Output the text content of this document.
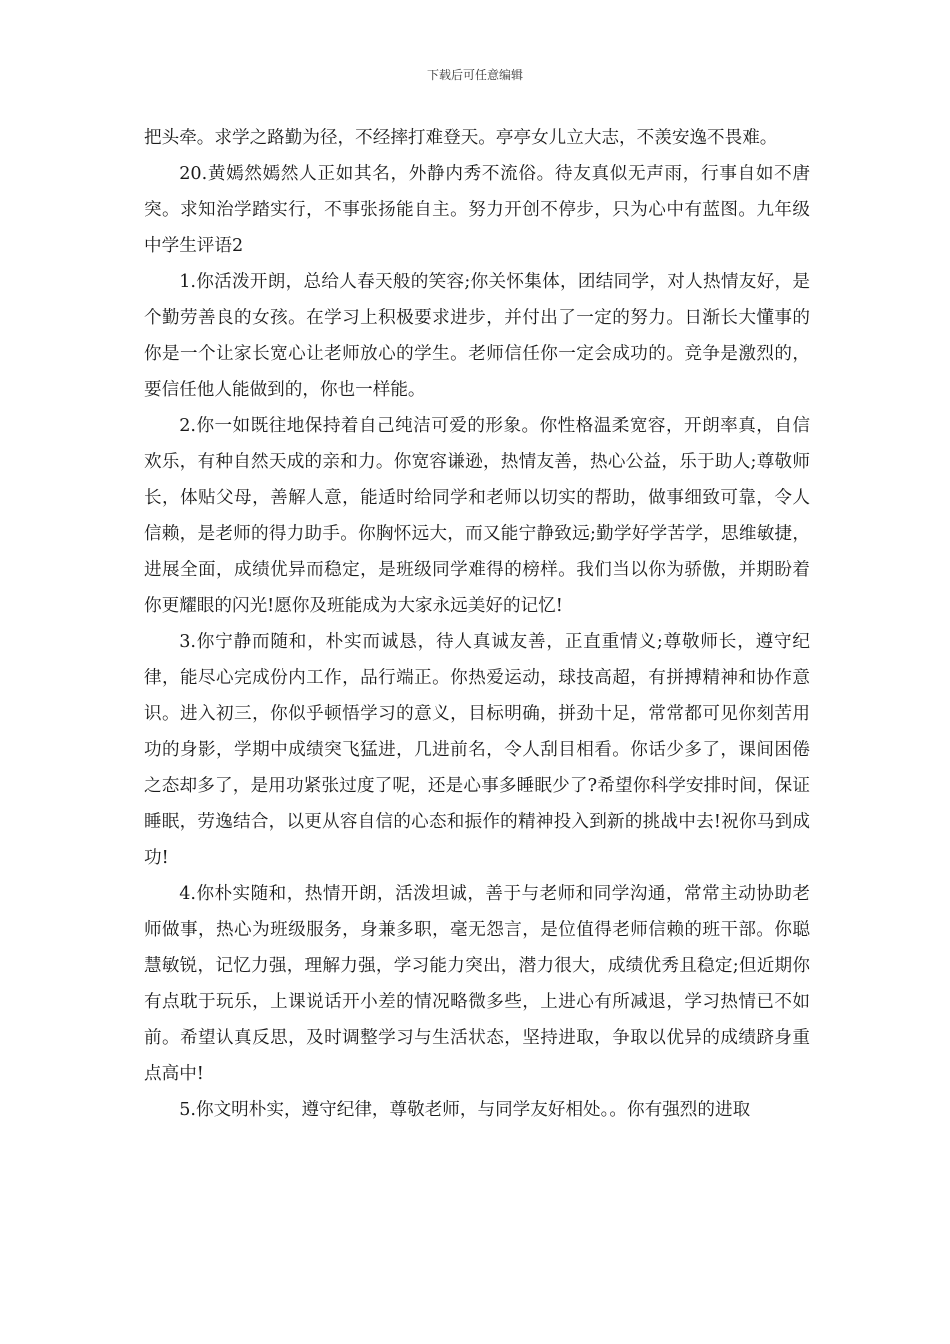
下载后可任意编辑

把头牵。求学之路勤为径，不经摔打难登天。亭亭女儿立大志，不羡安逸不畏难。

20.黄嫣然嫣然人正如其名，外静内秀不流俗。待友真似无声雨，行事自如不唐突。求知治学踏实行，不事张扬能自主。努力开创不停步，只为心中有蓝图。九年级中学生评语2

1.你活泼开朗，总给人春天般的笑容;你关怀集体，团结同学，对人热情友好，是个勤劳善良的女孩。在学习上积极要求进步，并付出了一定的努力。日渐长大懂事的你是一个让家长宽心让老师放心的学生。老师信任你一定会成功的。竞争是激烈的，要信任他人能做到的，你也一样能。

2.你一如既往地保持着自己纯洁可爱的形象。你性格温柔宽容，开朗率真，自信欢乐，有种自然天成的亲和力。你宽容谦逊，热情友善，热心公益，乐于助人;尊敬师长，体贴父母，善解人意，能适时给同学和老师以切实的帮助，做事细致可靠，令人信赖，是老师的得力助手。你胸怀远大，而又能宁静致远;勤学好学苦学，思维敏捷，进展全面，成绩优异而稳定，是班级同学难得的榜样。我们当以你为骄傲，并期盼着你更耀眼的闪光!愿你及班能成为大家永远美好的记忆!

3.你宁静而随和，朴实而诚恳，待人真诚友善，正直重情义;尊敬师长，遵守纪律，能尽心完成份内工作，品行端正。你热爱运动，球技高超，有拼搏精神和协作意识。进入初三，你似乎顿悟学习的意义，目标明确，拼劲十足，常常都可见你刻苦用功的身影，学期中成绩突飞猛进，几进前名，令人刮目相看。你话少多了，课间困倦之态却多了，是用功紧张过度了呢，还是心事多睡眠少了?希望你科学安排时间，保证睡眠，劳逸结合，以更从容自信的心态和振作的精神投入到新的挑战中去!祝你马到成功!

4.你朴实随和，热情开朗，活泼坦诚，善于与老师和同学沟通，常常主动协助老师做事，热心为班级服务，身兼多职，毫无怨言，是位值得老师信赖的班干部。你聪慧敏锐，记忆力强，理解力强，学习能力突出，潜力很大，成绩优秀且稳定;但近期你有点耽于玩乐，上课说话开小差的情况略微多些，上进心有所减退，学习热情已不如前。希望认真反思，及时调整学习与生活状态，坚持进取，争取以优异的成绩跻身重点高中!

5.你文明朴实，遵守纪律，尊敬老师，与同学友好相处。。你有强烈的进取
